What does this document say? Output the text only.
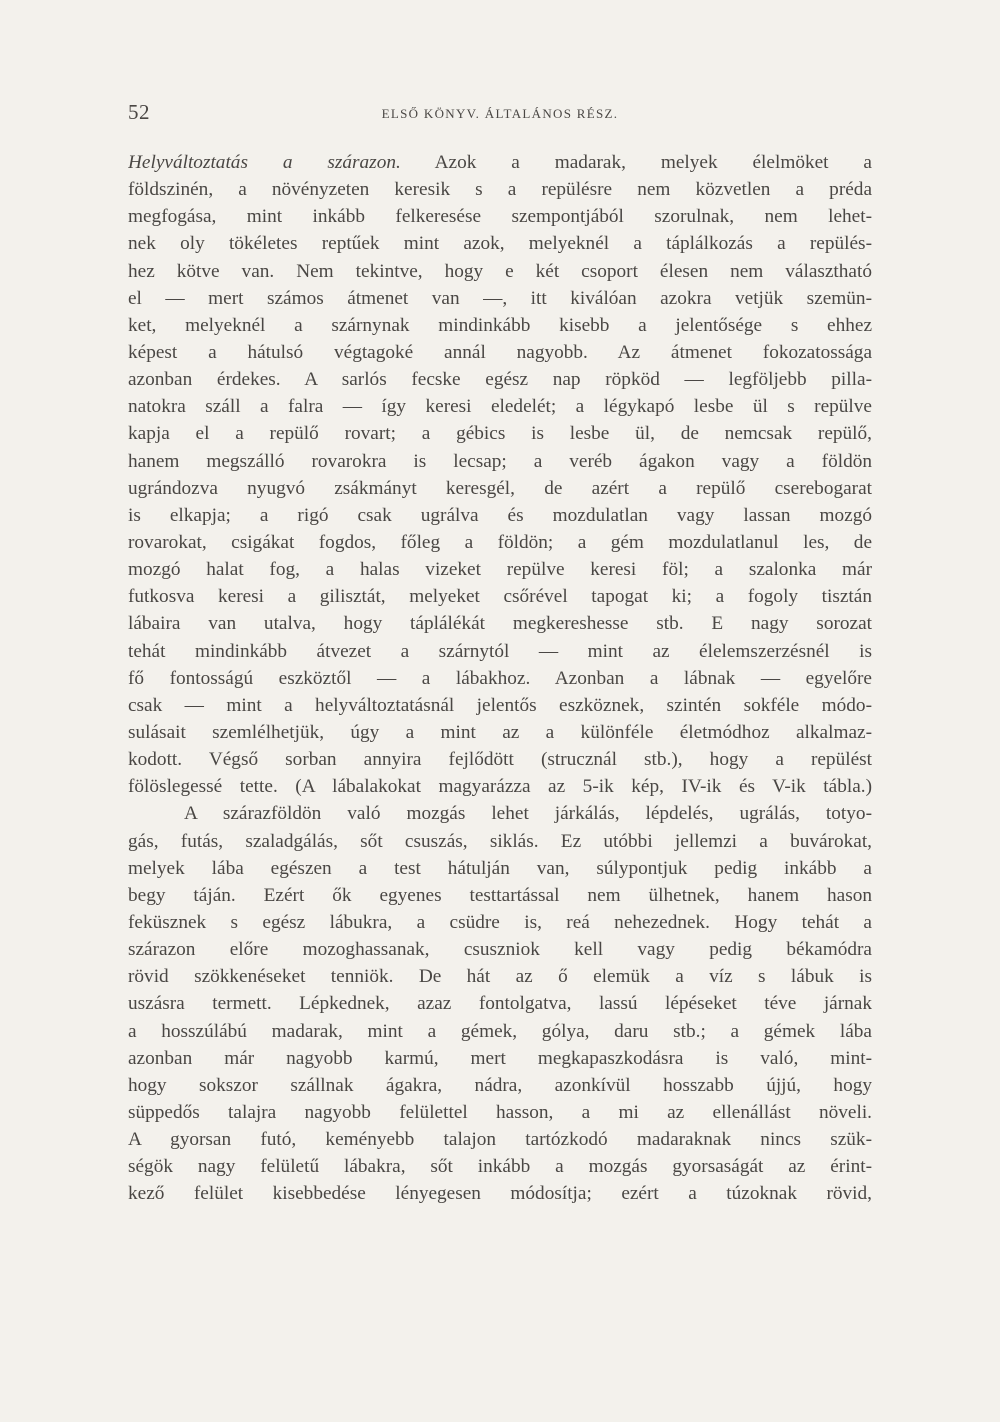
52	ELSŐ KÖNYV. ÁLTALÁNOS RÉSZ.
Helyváltoztatás a szárazon. Azok a madarak, melyek élelmöket a
földszinén, a növényzeten keresik s a repülésre nem közvetlen a préda
megfogása, mint inkább felkeresése szempontjából szorulnak, nem lehet-
nek oly tökéletes reptűek mint azok, melyeknél a táplálkozás a repülés-
hez kötve van. Nem tekintve, hogy e két csoport élesen nem választható
el — mert számos átmenet van —, itt kiválóan azokra vetjük szemün-
ket, melyeknél a szárnynak mindinkább kisebb a jelentősége s ehhez
képest a hátulsó végtagoké annál nagyobb. Az átmenet fokozatossága
azonban érdekes. A sarlós fecske egész nap röpköd — legföljebb pilla-
natokra száll a falra — így keresi eledelét; a légykapó lesbe ül s repülve
kapja el a repülő rovart; a gébics is lesbe ül, de nemcsak repülő,
hanem megszálló rovarokra is lecsap; a veréb ágakon vagy a földön
ugrándozva nyugvó zsákmányt keresgél, de azért a repülő cserebogarat
is elkapja; a rigó csak ugrálva és mozdulatlan vagy lassan mozgó
rovarokat, csigákat fogdos, főleg a földön; a gém mozdulatlanul les, de
mozgó halat fog, a halas vizeket repülve keresi föl; a szalonka már
futkosva keresi a gilisztát, melyeket csőrével tapogat ki; a fogoly tisztán
lábaira van utalva, hogy táplálékát megkereshesse stb. E nagy sorozat
tehát mindinkább átvezet a szárnytól — mint az élelemszerzésnél is
fő fontosságú eszköztől — a lábakhoz. Azonban a lábnak — egyelőre
csak — mint a helyváltoztatásnál jelentős eszköznek, szintén sokféle módo-
sulásait szemlélhetjük, úgy a mint az a különféle életmódhoz alkalmaz-
kodott. Végső sorban annyira fejlődött (strucznál stb.), hogy a repülést
fölöslegessé tette. (A lábalakokat magyarázza az 5-ik kép, IV-ik és V-ik tábla.)
A szárazföldön való mozgás lehet járkálás, lépdelés, ugrálás, totyo-
gás, futás, szaladgálás, sőt csuszás, siklás. Ez utóbbi jellemzi a buvárokat,
melyek lába egészen a test hátulján van, súlypontjuk pedig inkább a
begy táján. Ezért ők egyenes testtartással nem ülhetnek, hanem hason
feküsznek s egész lábukra, a csüdre is, reá nehezednek. Hogy tehát a
szárazon előre mozoghassanak, csuszniok kell vagy pedig békamódra
rövid szökkenéseket tenniök. De hát az ő elemük a víz s lábuk is
uszásra termett. Lépkednek, azaz fontolgatva, lassú lépéseket téve járnak
a hosszúlábú madarak, mint a gémek, gólya, daru stb.; a gémek lába
azonban már nagyobb karmú, mert megkapaszkodásra is való, mint-
hogy sokszor szállnak ágakra, nádra, azonkívül hosszabb újjú, hogy
süppedős talajra nagyobb felülettel hasson, a mi az ellenállást növeli.
A gyorsan futó, keményebb talajon tartózkodó madaraknak nincs szük-
ségök nagy felületű lábakra, sőt inkább a mozgás gyorsaságát az érint-
kező felület kisebbedése lényegesen módosítja; ezért a túzoknak rövid,
